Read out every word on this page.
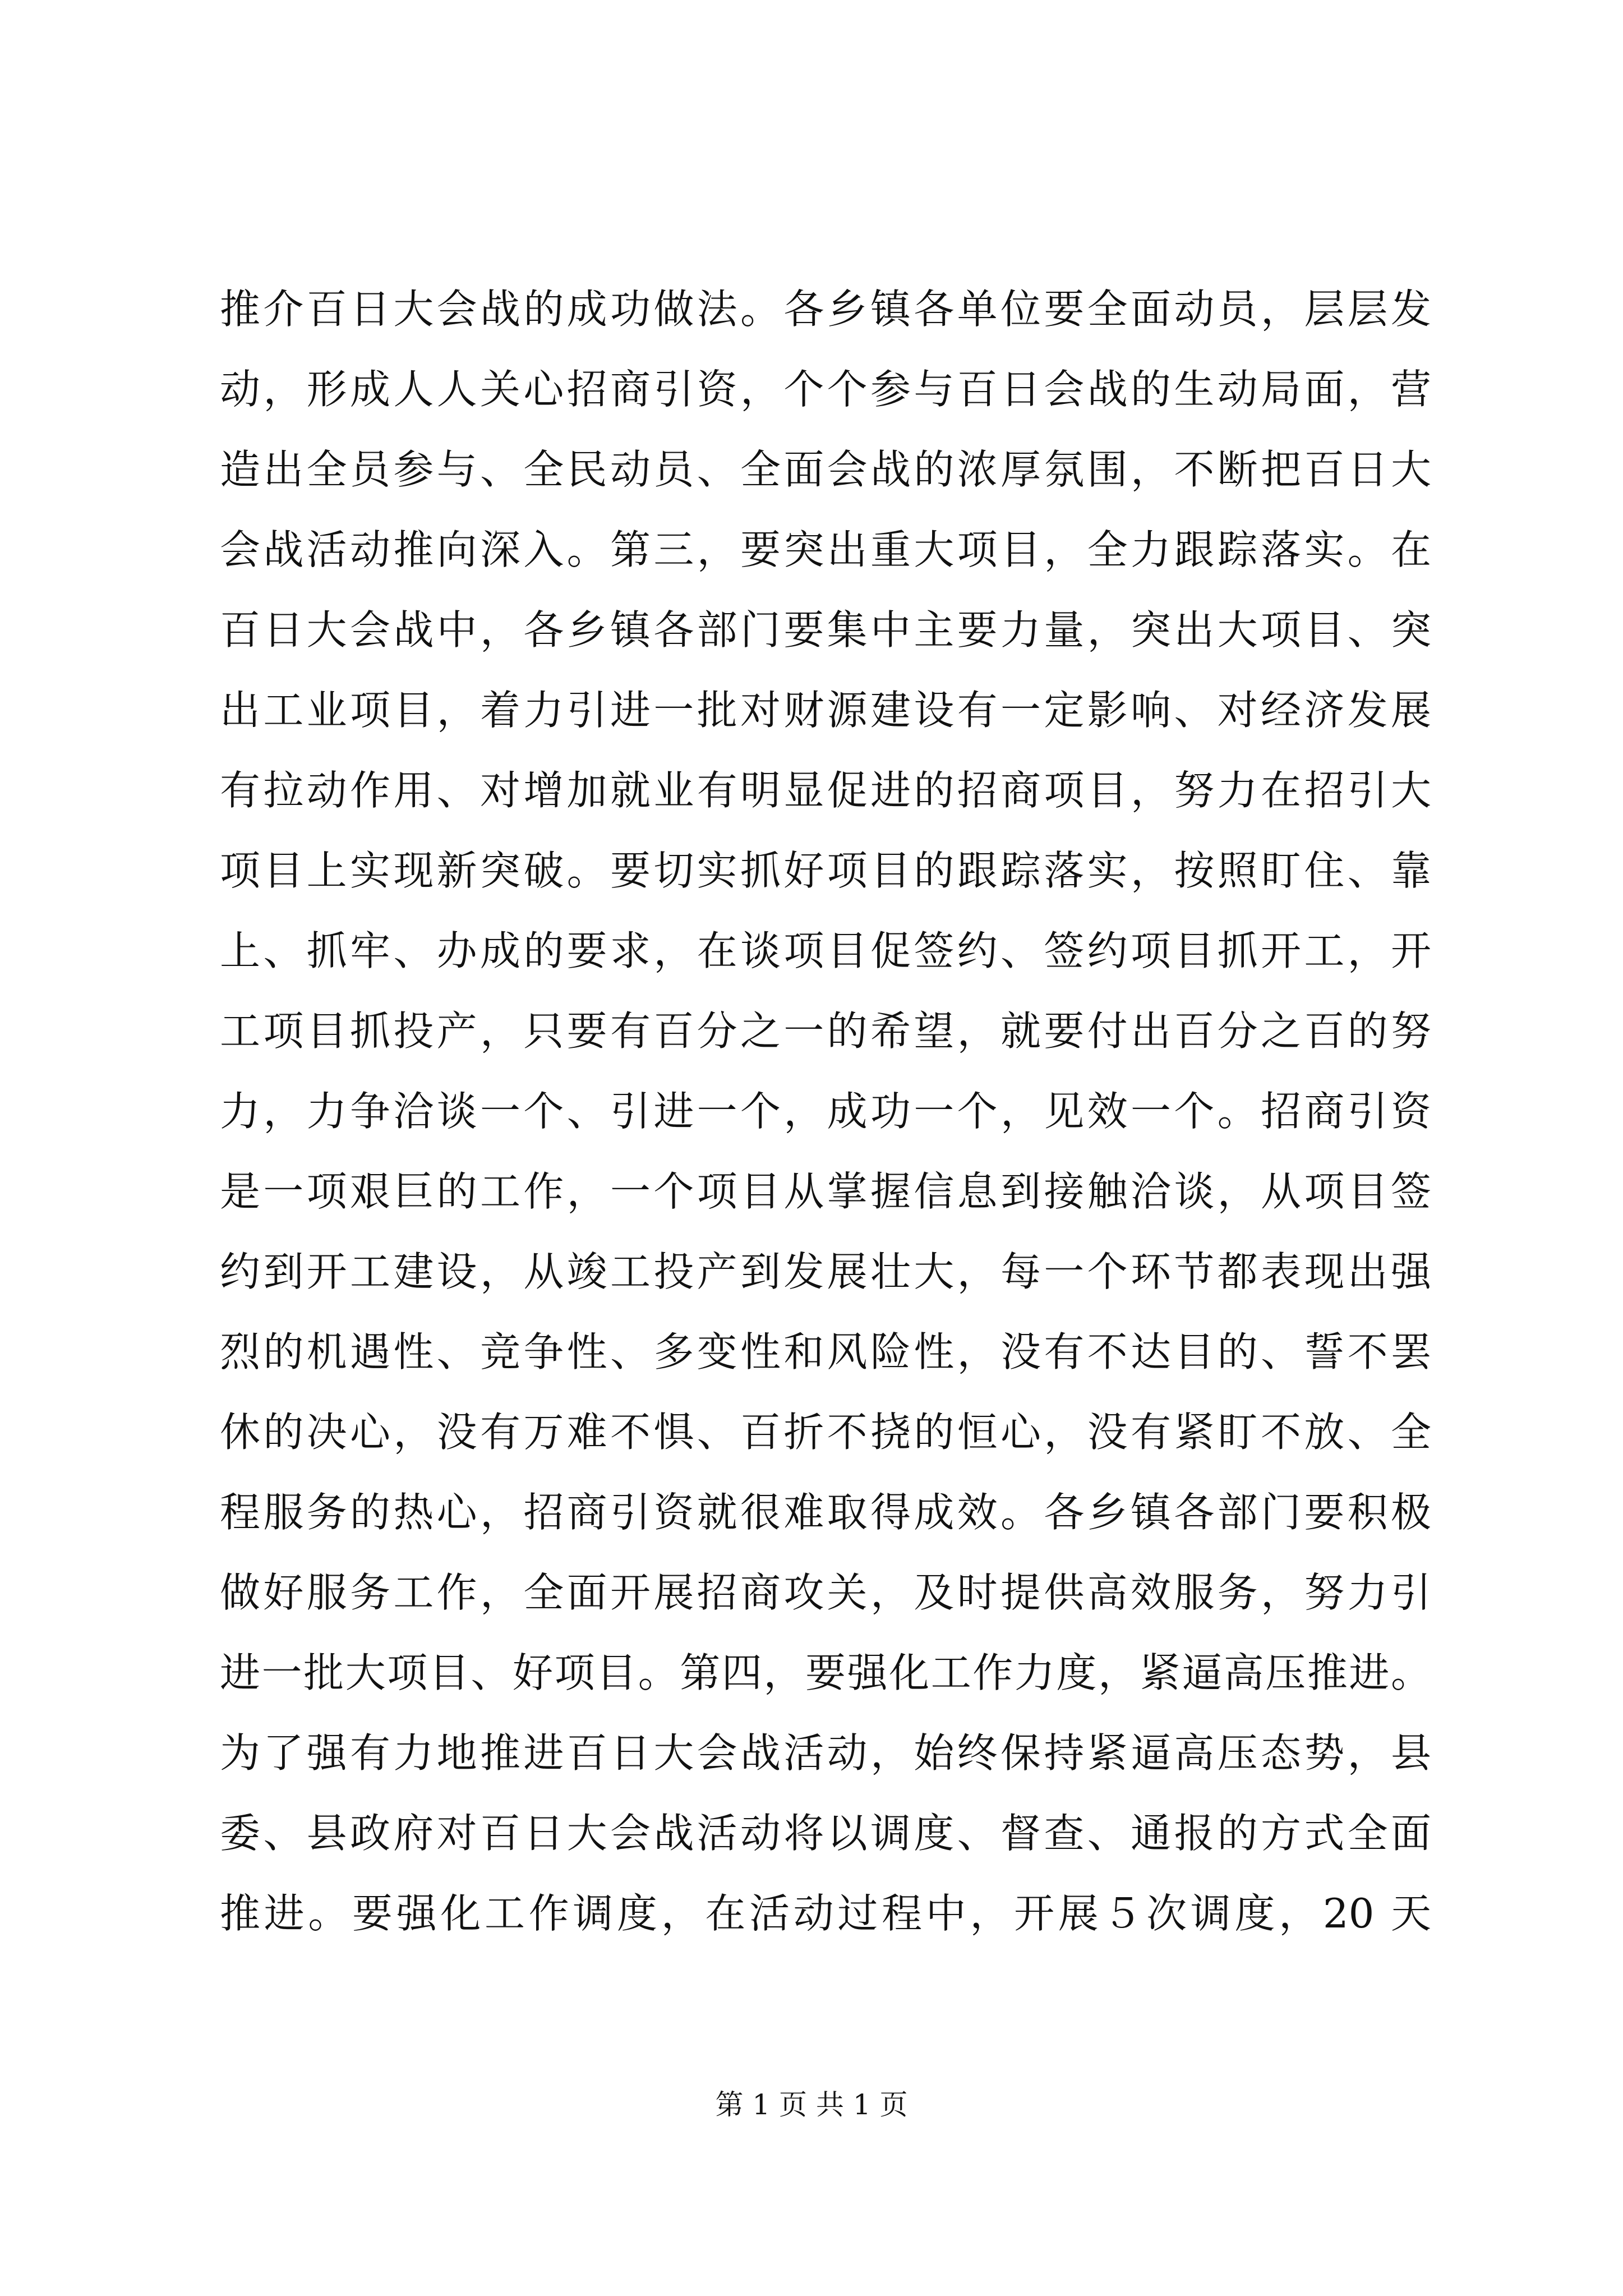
推介百日大会战的成功做法。各乡镇各单位要全面动员，层层发
动，形成人人关心招商引资，个个参与百日会战的生动局面，营
造出全员参与、全民动员、全面会战的浓厚氛围，不断把百日大
会战活动推向深入。第三，要突出重大项目，全力跟踪落实。在
百日大会战中，各乡镇各部门要集中主要力量，突出大项目、突
出工业项目，着力引进一批对财源建设有一定影响、对经济发展
有拉动作用、对增加就业有明显促进的招商项目，努力在招引大
项目上实现新突破。要切实抓好项目的跟踪落实，按照盯住、靠
上、抓牢、办成的要求，在谈项目促签约、签约项目抓开工，开
工项目抓投产，只要有百分之一的希望，就要付出百分之百的努
力，力争洽谈一个、引进一个，成功一个，见效一个。招商引资
是一项艰巨的工作，一个项目从掌握信息到接触洽谈，从项目签
约到开工建设，从竣工投产到发展壮大，每一个环节都表现出强
烈的机遇性、竞争性、多变性和风险性，没有不达目的、誓不罢
休的决心，没有万难不惧、百折不挠的恒心，没有紧盯不放、全
程服务的热心，招商引资就很难取得成效。各乡镇各部门要积极
做好服务工作，全面开展招商攻关，及时提供高效服务，努力引
进一批大项目、好项目。第四，要强化工作力度，紧逼高压推进。
为了强有力地推进百日大会战活动，始终保持紧逼高压态势，县
委、县政府对百日大会战活动将以调度、督查、通报的方式全面
推进。要强化工作调度，在活动过程中，开展５次调度，20 天
第 1 页 共 1 页
